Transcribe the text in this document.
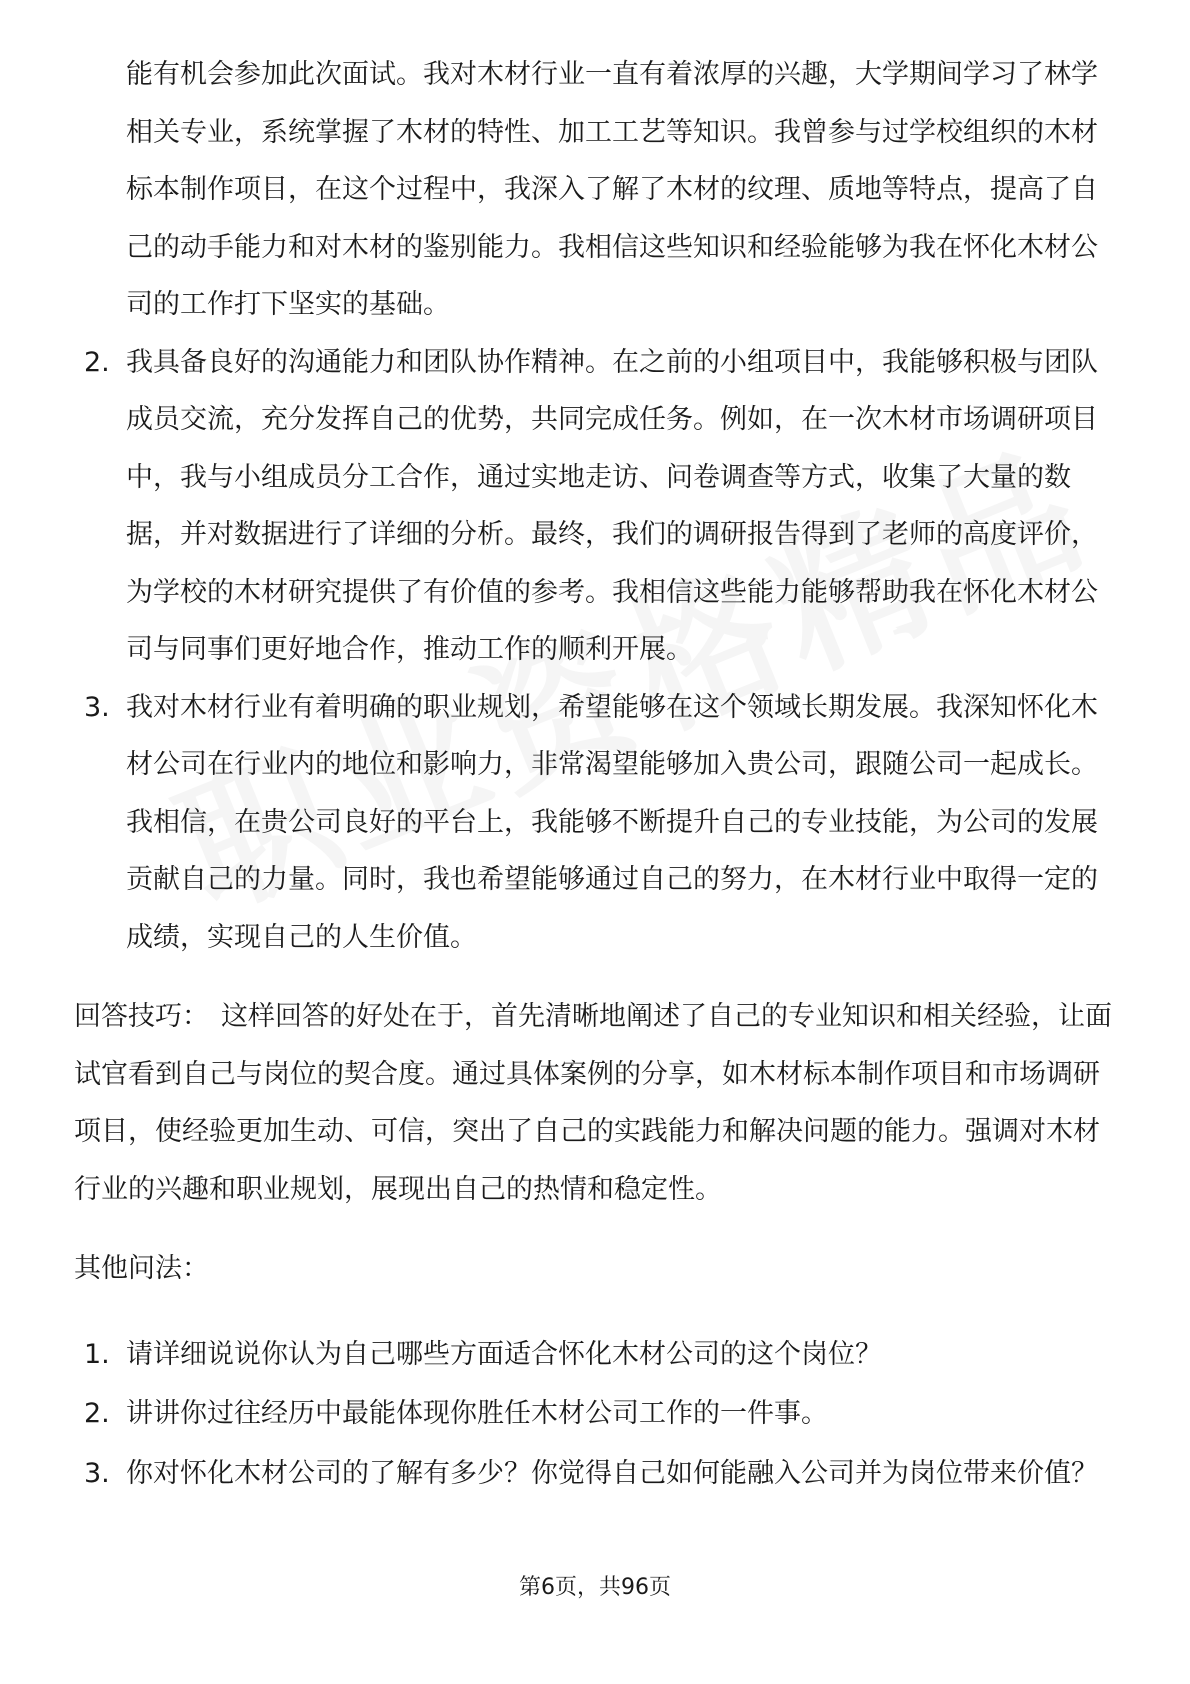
能有机会参加此次面试。我对木材行业一直有着浓厚的兴趣，大学期间学习了林学相关专业，系统掌握了木材的特性、加工工艺等知识。我曾参与过学校组织的木材标本制作项目，在这个过程中，我深入了解了木材的纹理、质地等特点，提高了自己的动手能力和对木材的鉴别能力。我相信这些知识和经验能够为我在怀化木材公司的工作打下坚实的基础。
2. 我具备良好的沟通能力和团队协作精神。在之前的小组项目中，我能够积极与团队成员交流，充分发挥自己的优势，共同完成任务。例如，在一次木材市场调研项目中，我与小组成员分工合作，通过实地走访、问卷调查等方式，收集了大量的数据，并对数据进行了详细的分析。最终，我们的调研报告得到了老师的高度评价，为学校的木材研究提供了有价值的参考。我相信这些能力能够帮助我在怀化木材公司与同事们更好地合作，推动工作的顺利开展。
3. 我对木材行业有着明确的职业规划，希望能够在这个领域长期发展。我深知怀化木材公司在行业内的地位和影响力，非常渴望能够加入贵公司，跟随公司一起成长。我相信，在贵公司良好的平台上，我能够不断提升自己的专业技能，为公司的发展贡献自己的力量。同时，我也希望能够通过自己的努力，在木材行业中取得一定的成绩，实现自己的人生价值。
回答技巧： 这样回答的好处在于，首先清晰地阐述了自己的专业知识和相关经验，让面试官看到自己与岗位的契合度。通过具体案例的分享，如木材标本制作项目和市场调研项目，使经验更加生动、可信，突出了自己的实践能力和解决问题的能力。强调对木材行业的兴趣和职业规划，展现出自己的热情和稳定性。
其他问法：
1. 请详细说说你认为自己哪些方面适合怀化木材公司的这个岗位？
2. 讲讲你过往经历中最能体现你胜任木材公司工作的一件事。
3. 你对怀化木材公司的了解有多少？你觉得自己如何能融入公司并为岗位带来价值？
第6页，共96页
